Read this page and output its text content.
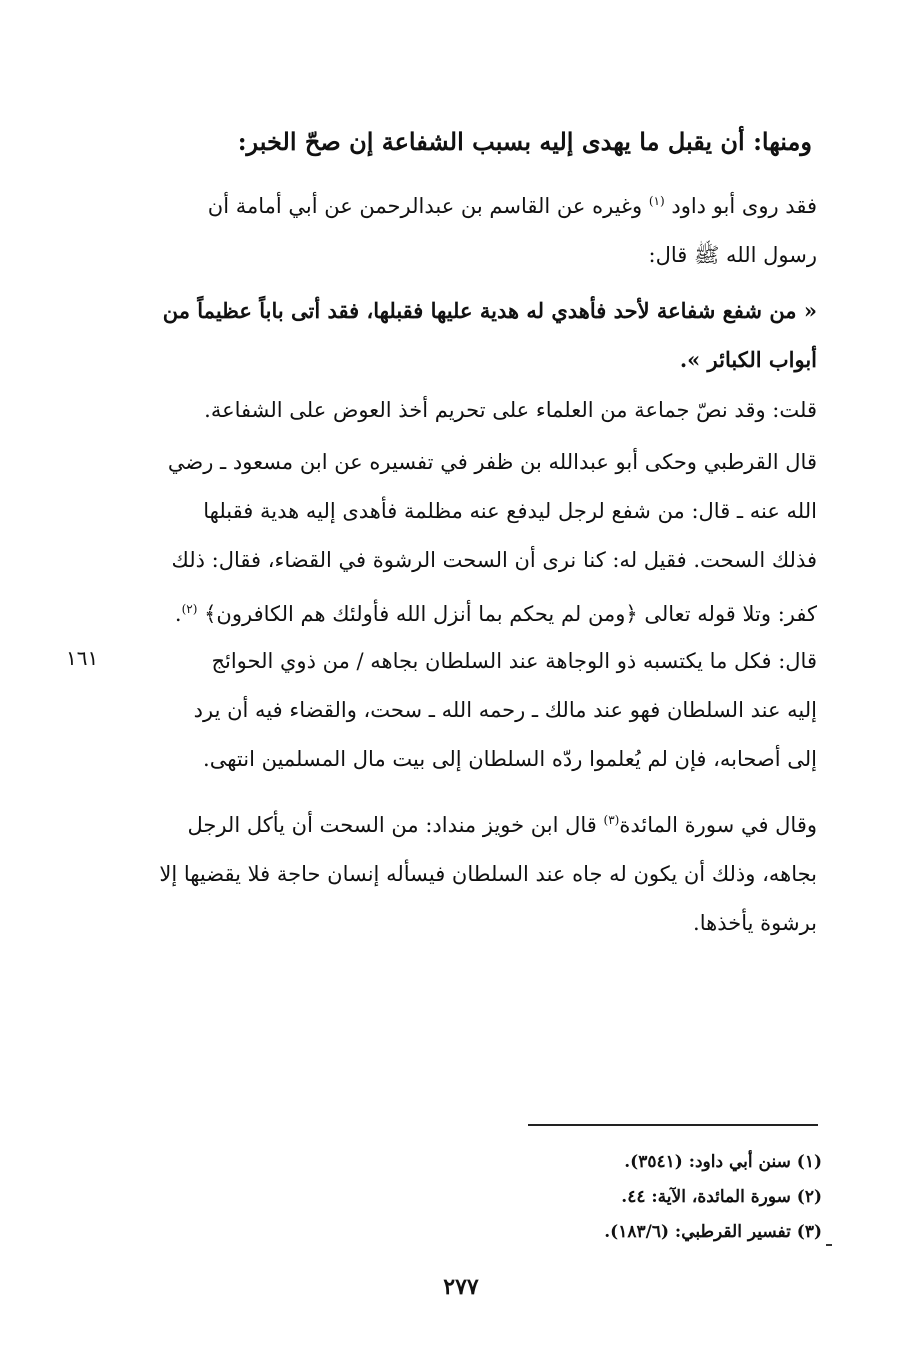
ومنها: أن يقبل ما يهدى إليه بسبب الشفاعة إن صحّ الخبر:
فقد روى أبو داود $^{(١)}$ وغيره عن القاسم بن عبدالرحمن عن أبي أمامة أن
رسول الله ﷺ قال:
« من شفع شفاعة لأحد فأهدي له هدية عليها فقبلها، فقد أتى باباً عظيماً من
أبواب الكبائر ».
قلت: وقد نصّ جماعة من العلماء على تحريم أخذ العوض على الشفاعة.
قال القرطبي وحكى أبو عبدالله بن ظفر في تفسيره عن ابن مسعود ـ رضي
الله عنه ـ قال: من شفع لرجل ليدفع عنه مظلمة فأهدى إليه هدية فقبلها
فذلك السحت. فقيل له: كنا نرى أن السحت الرشوة في القضاء، فقال: ذلك
كفر: وتلا قوله تعالى ﴿ومن لم يحكم بما أنزل الله فأولئك هم الكافرون﴾ $^{(٢)}$.
قال: فكل ما يكتسبه ذو الوجاهة عند السلطان بجاهه / من ذوي الحوائج
إليه عند السلطان فهو عند مالك ـ رحمه الله ـ سحت، والقضاء فيه أن يرد
إلى أصحابه، فإن لم يُعلموا ردّه السلطان إلى بيت مال المسلمين انتهى.
١٦١
وقال في سورة المائدة$^{(٣)}$ قال ابن خويز منداد: من السحت أن يأكل الرجل
بجاهه، وذلك أن يكون له جاه عند السلطان فيسأله إنسان حاجة فلا يقضيها إلا
برشوة يأخذها.
(١) سنن أبي داود: (٣٥٤١).
(٢) سورة المائدة، الآية: ٤٤.
(٣) تفسير القرطبي: (١٨٣/٦).
٢٧٧
